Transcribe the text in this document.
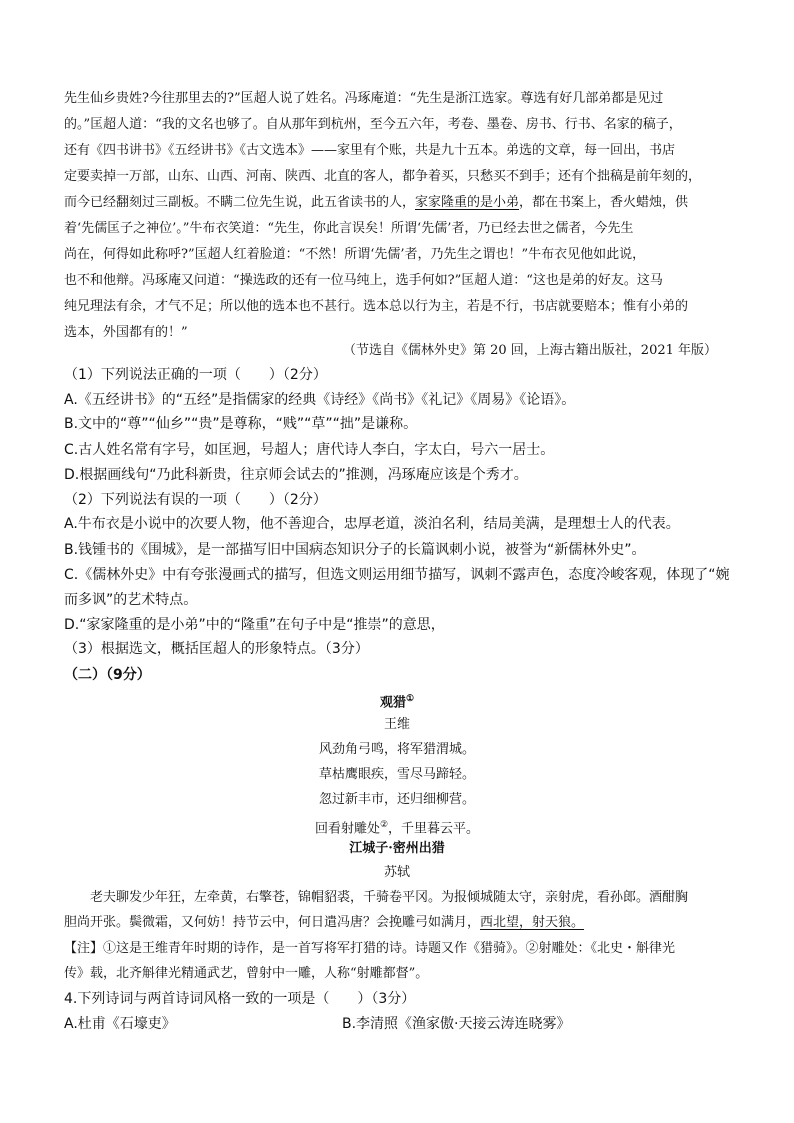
先生仙乡贵姓?今往那里去的?”匡超人说了姓名。冯琢庵道：“先生是浙江选家。尊选有好几部弟都是见过
的。”匡超人道：“我的文名也够了。自从那年到杭州，至今五六年，考卷、墨卷、房书、行书、名家的稿子，
还有《四书讲书》《五经讲书》《古文选本》——家里有个账，共是九十五本。弟选的文章，每一回出，书店
定要卖掉一万部，山东、山西、河南、陕西、北直的客人，都争着买，只愁买不到手；还有个拙稿是前年刻的，
而今已经翻刻过三副板。不瞒二位先生说，此五省读书的人，家家隆重的是小弟，都在书案上，香火蜡烛，供
着‘先儒匡子之神位’。”牛布衣笑道：“先生，你此言误矣！所谓‘先儒’者，乃已经去世之儒者，今先生
尚在，何得如此称呼?”匡超人红着脸道：“不然！所谓‘先儒’者，乃先生之谓也！”牛布衣见他如此说，
也不和他辩。冯琢庵又问道：“操选政的还有一位马纯上，选手何如?”匡超人道：“这也是弟的好友。这马
纯兄理法有余，才气不足；所以他的选本也不甚行。选本总以行为主，若是不行，书店就要赔本；惟有小弟的
选本，外国都有的！”
（节选自《儒林外史》第 20 回，上海古籍出版社，2021 年版）
（1）下列说法正确的一项（　　）（2分）
A.《五经讲书》的“五经”是指儒家的经典《诗经》《尚书》《礼记》《周易》《论语》。
B.文中的“尊”“仙乡”“贵”是尊称，“贱”“草”“拙”是谦称。
C.古人姓名常有字号，如匡迥，号超人；唐代诗人李白，字太白，号六一居士。
D.根据画线句“乃此科新贵，往京师会试去的”推测，冯琢庵应该是个秀才。
（2）下列说法有误的一项（　　）（2分）
A.牛布衣是小说中的次要人物，他不善迎合，忠厚老道，淡泊名利，结局美满，是理想士人的代表。
B.钱锺书的《围城》，是一部描写旧中国病态知识分子的长篇讽刺小说，被誉为“新儒林外史”。
C.《儒林外史》中有夸张漫画式的描写，但选文则运用细节描写，讽刺不露声色，态度冷峻客观，体现了“婉
而多讽”的艺术特点。
D.“家家隆重的是小弟”中的“隆重”在句子中是“推崇”的意思，
（3）根据选文，概括匡超人的形象特点。（3分）
（二）（9分）
观猎①
王维
风劲角弓鸣，将军猎渭城。
草枯鹰眼疾，雪尽马蹄轻。
忽过新丰市，还归细柳营。
回看射雕处②，千里暮云平。
江城子·密州出猎
苏轼
老夫聊发少年狂，左牵黄，右擎苍，锦帽貂裘，千骑卷平冈。为报倾城随太守，亲射虎，看孙郎。酒酣胸
胆尚开张。鬓微霜，又何妨！持节云中，何日遣冯唐？会挽雕弓如满月，西北望，射天狼。
【注】①这是王维青年时期的诗作，是一首写将军打猎的诗。诗题又作《猎骑》。②射雕处：《北史・斛律光
传》载，北齐斛律光精通武艺，曾射中一雕，人称“射雕都督”。
4.下列诗词与两首诗词风格一致的一项是（　　）（3分）
A.杜甫《石壕吏》	B.李清照《渔家傲·天接云涛连晓雾》
